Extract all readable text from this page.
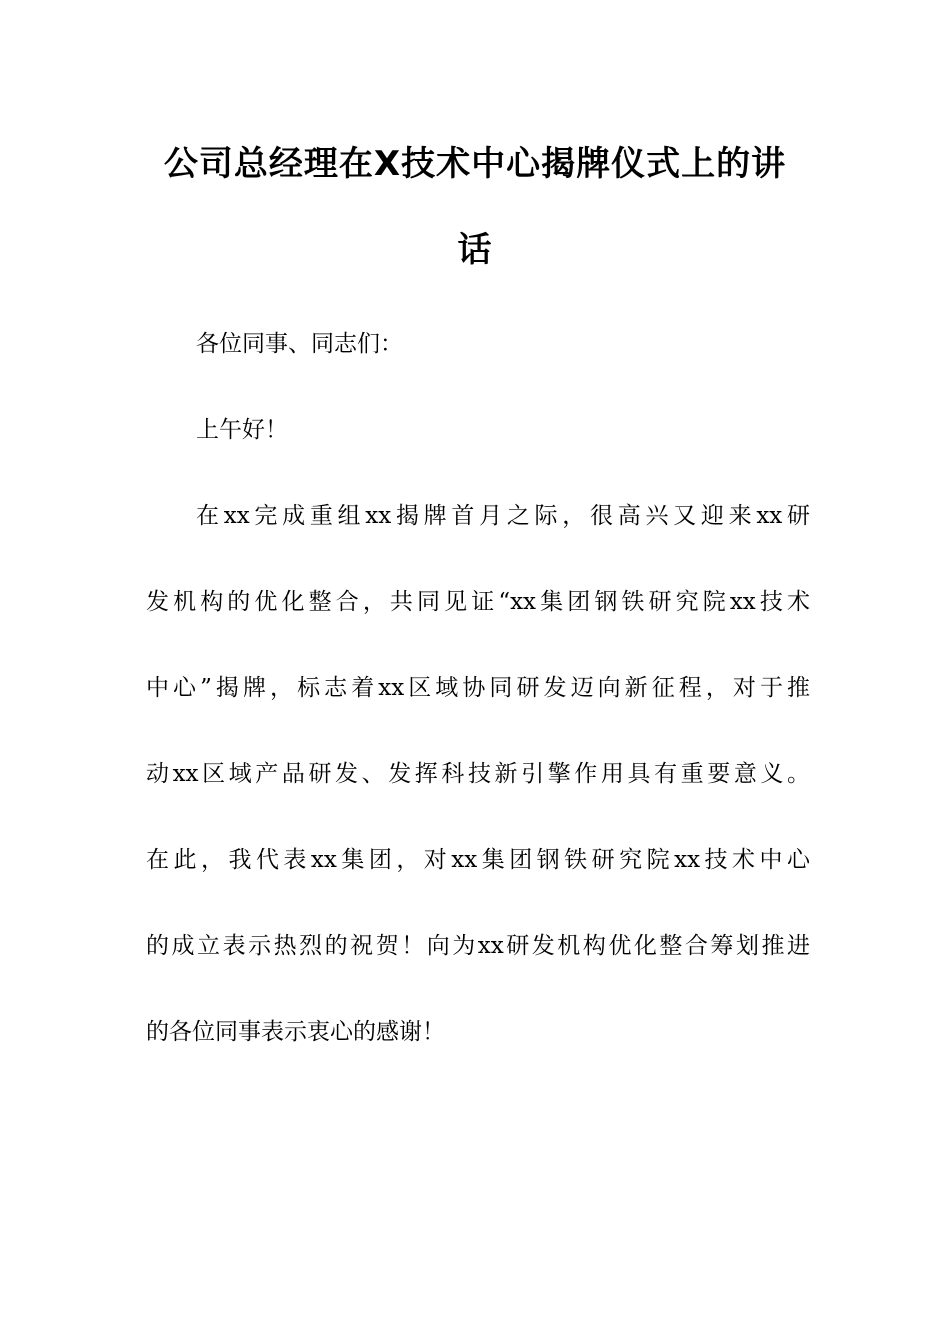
公司总经理在X技术中心揭牌仪式上的讲
话

各位同事、同志们：

上午好！

在xx完成重组xx揭牌首月之际，很高兴又迎来xx研

发机构的优化整合，共同见证“xx集团钢铁研究院xx技术

中心”揭牌，标志着xx区域协同研发迈向新征程，对于推

动xx区域产品研发、发挥科技新引擎作用具有重要意义。

在此，我代表xx集团，对xx集团钢铁研究院xx技术中心

的成立表示热烈的祝贺！向为xx研发机构优化整合筹划推进

的各位同事表示衷心的感谢！
